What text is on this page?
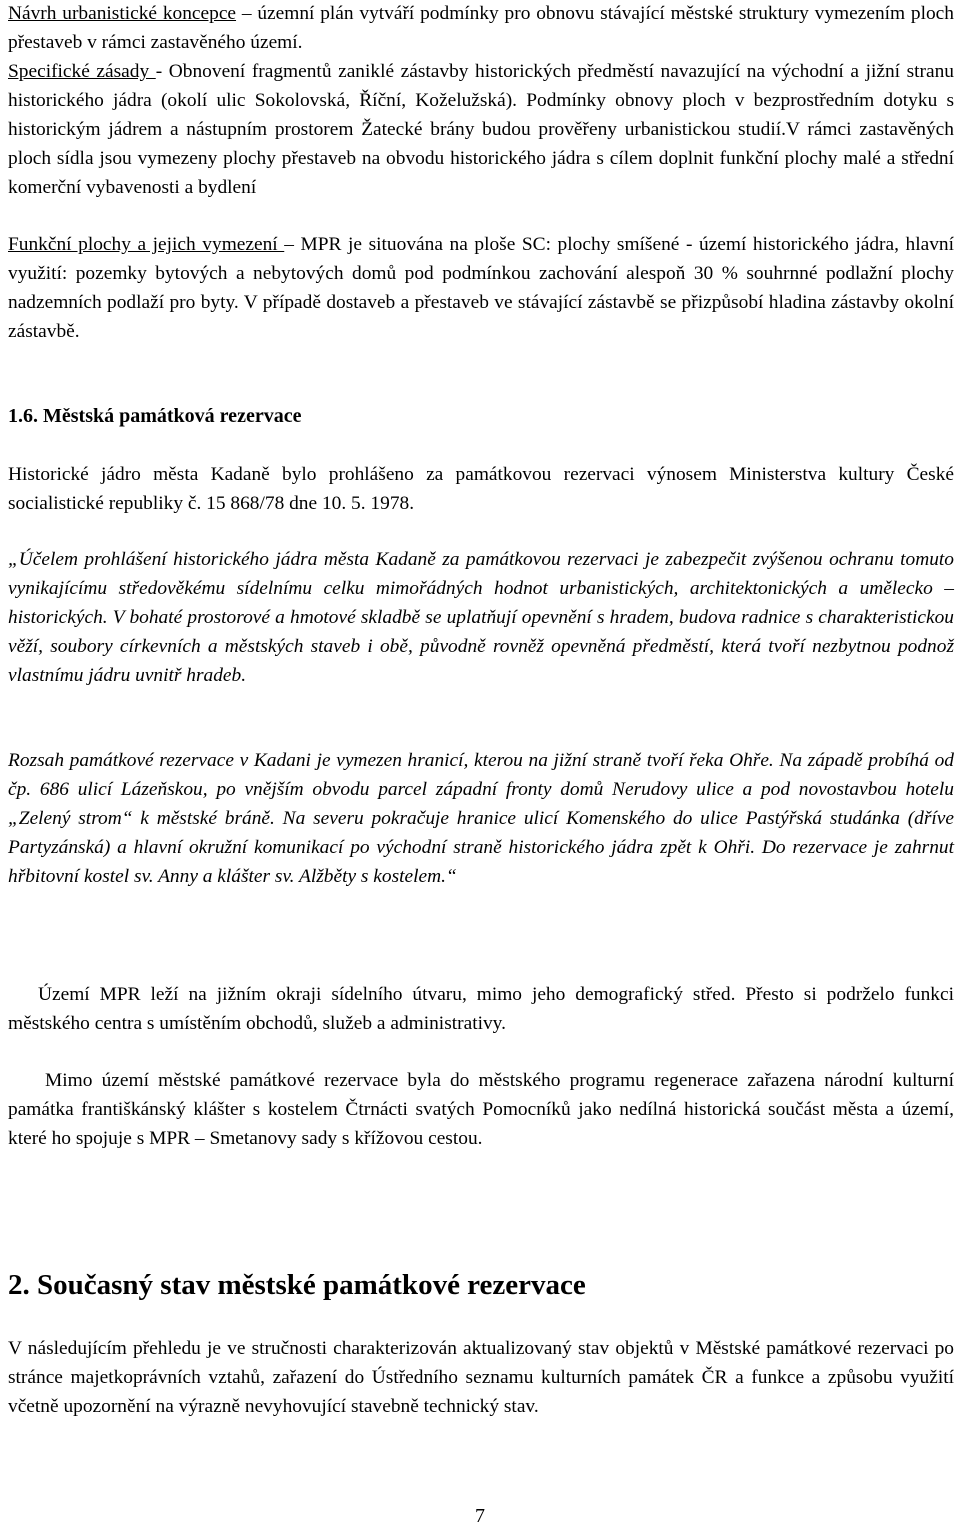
Návrh urbanistické koncepce – územní plán vytváří podmínky pro obnovu stávající městské struktury vymezením ploch přestaveb v rámci zastavěného území.

Specifické zásady - Obnovení fragmentů zaniklé zástavby historických předměstí navazující na východní a jižní stranu historického jádra (okolí ulic Sokolovská, Říční, Koželužská). Podmínky obnovy ploch v bezprostředním dotyku s historickým jádrem a nástupním prostorem Žatecké brány budou prověřeny urbanistickou studií.V rámci zastavěných ploch sídla jsou vymezeny plochy přestaveb na obvodu historického jádra s cílem doplnit funkční plochy malé a střední komerční vybavenosti a bydlení

Funkční plochy a jejich vymezení – MPR je situována na ploše SC: plochy smíšené - území historického jádra, hlavní využití: pozemky bytových a nebytových domů pod podmínkou zachování alespoň 30 % souhrnné podlažní plochy nadzemních podlaží pro byty. V případě dostaveb a přestaveb ve stávající zástavbě se přizpůsobí hladina zástavby okolní zástavbě.

1.6. Městská památková rezervace

Historické jádro města Kadaně bylo prohlášeno za památkovou rezervaci výnosem Ministerstva kultury České socialistické republiky č. 15 868/78 dne 10. 5. 1978.

„Účelem prohlášení historického jádra města Kadaně za památkovou rezervaci je zabezpečit zvýšenou ochranu tomuto vynikajícímu středověkému sídelnímu celku mimořádných hodnot urbanistických, architektonických a umělecko – historických. V bohaté prostorové a hmotové skladbě se uplatňují opevnění s hradem, budova radnice s charakteristickou věží, soubory církevních a městských staveb i obě, původně rovněž opevněná předměstí, která tvoří nezbytnou podnož vlastnímu jádru uvnitř hradeb.

Rozsah památkové rezervace v Kadani je vymezen hranicí, kterou na jižní straně tvoří řeka Ohře. Na západě probíhá od čp. 686 ulicí Lázeňskou, po vnějším obvodu parcel západní fronty domů Nerudovy ulice a pod novostavbou hotelu „Zelený strom“ k městské bráně. Na severu pokračuje hranice ulicí Komenského do ulice Pastýřská studánka (dříve Partyzánská) a hlavní okružní komunikací po východní straně historického jádra zpět k Ohři. Do rezervace je zahrnut hřbitovní kostel sv. Anny a klášter sv. Alžběty s kostelem.“

Území MPR leží na jižním okraji sídelního útvaru, mimo jeho demografický střed. Přesto si podrželo funkci městského centra s umístěním obchodů, služeb a administrativy.

Mimo území městské památkové rezervace byla do městského programu regenerace zařazena národní kulturní památka františkánský klášter s kostelem Čtrnácti svatých Pomocníků jako nedílná historická součást města a území, které ho spojuje s MPR – Smetanovy sady s křížovou cestou.

2. Současný stav městské památkové rezervace

V následujícím přehledu je ve stručnosti charakterizován aktualizovaný stav objektů v Městské památkové rezervaci po stránce majetkoprávních vztahů, zařazení do Ústředního seznamu kulturních památek ČR a funkce a způsobu využití včetně upozornění na výrazně nevyhovující stavebně technický stav.

7
